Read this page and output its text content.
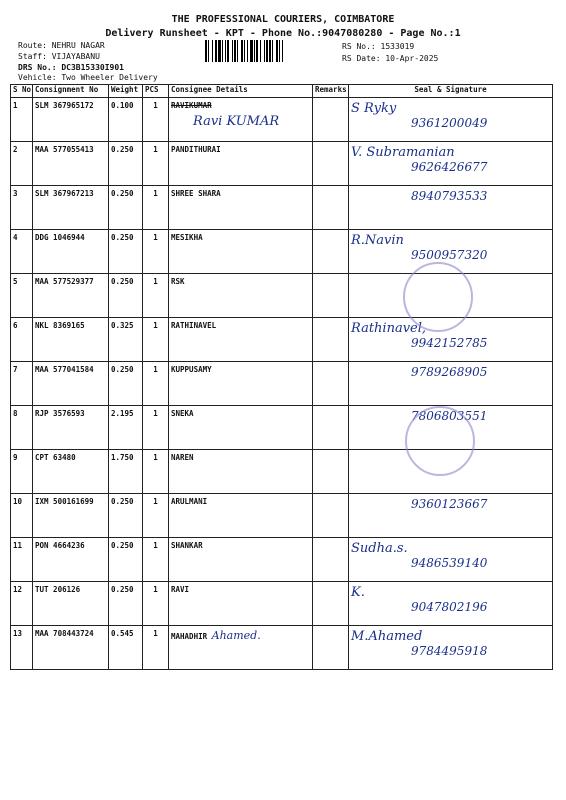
THE PROFESSIONAL COURIERS, COIMBATORE
Delivery Runsheet - KPT - Phone No.:9047080280 - Page No.:1
Route: NEHRU NAGAR
Staff: VIJAYABANU
DRS No.: DC3B15330I901
Vehicle: Two Wheeler Delivery
RS No.: 1533019
RS Date: 10-Apr-2025
S No	Consignment No	Weight	PCS	Consignee Details	Remarks	Seal & Signature
1	SLM 367965172	0.100	1	RAVIKUMAR
Ravi KUMAR		S Ryky
9361200049

2	MAA 577055413	0.250	1	PANDITHURAI		V. Subramanian
9626426677

3	SLM 367967213	0.250	1	SHREE SHARA		8940793533

4	DDG 1046944	0.250	1	MESIKHA		R.Navin
9500957320

5	MAA 577529377	0.250	1	RSK		

6	NKL 8369165	0.325	1	RATHINAVEL		Rathinavel,
9942152785

7	MAA 577041584	0.250	1	KUPPUSAMY		9789268905

8	RJP 3576593	2.195	1	SNEKA		7806803551

9	CPT 63480	1.750	1	NAREN		

10	IXM 500161699	0.250	1	ARULMANI		9360123667

11	PON 4664236	0.250	1	SHANKAR		Sudha.s.
9486539140

12	TUT 206126	0.250	1	RAVI		K.
9047802196

13	MAA 708443724	0.545	1	MAHADHIR Ahamed.		M.Ahamed
9784495918
